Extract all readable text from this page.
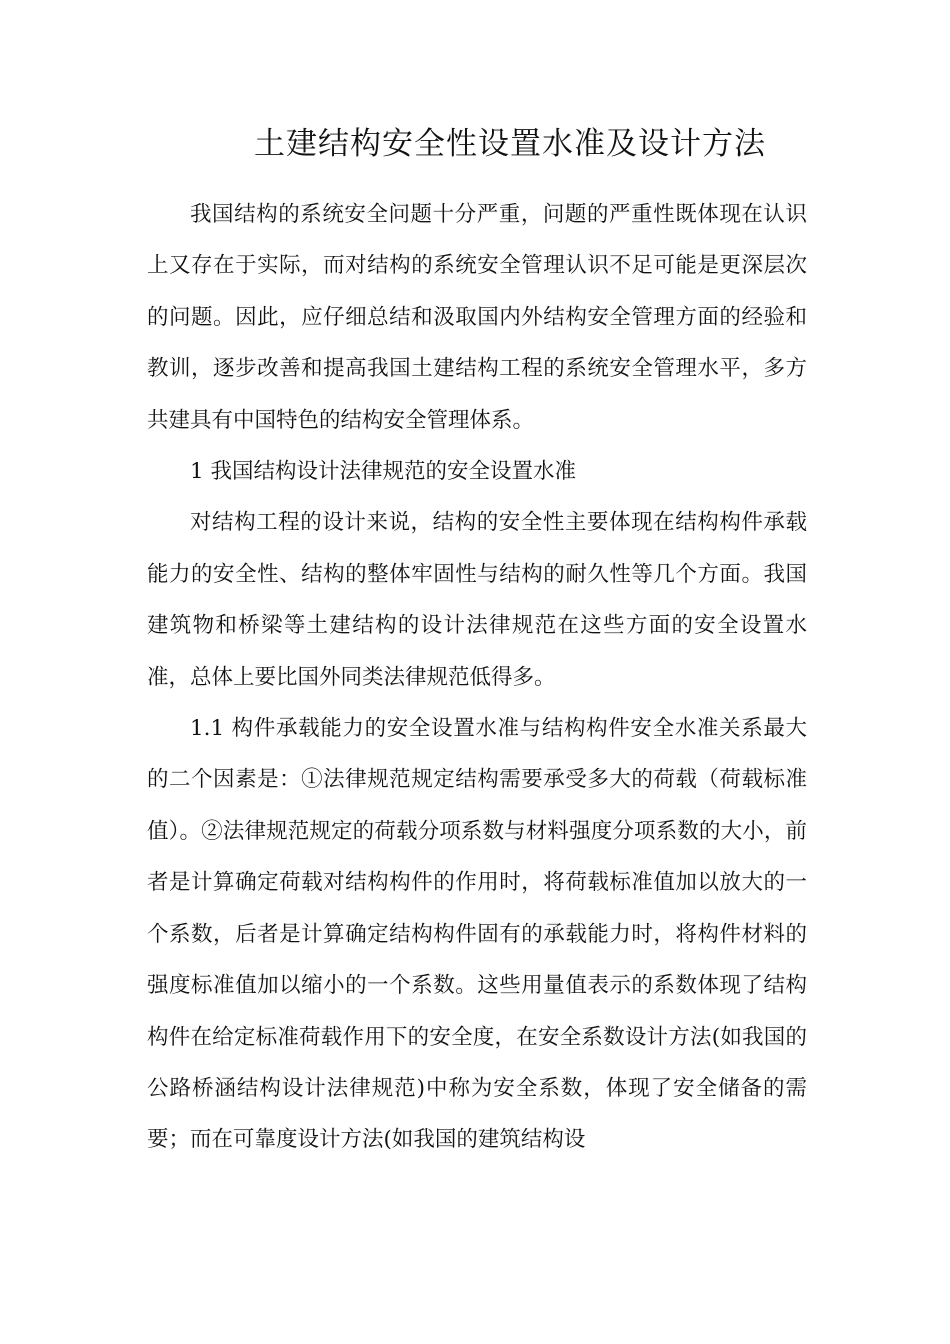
土建结构安全性设置水准及设计方法

我国结构的系统安全问题十分严重，问题的严重性既体现在认识上又存在于实际，而对结构的系统安全管理认识不足可能是更深层次的问题。因此，应仔细总结和汲取国内外结构安全管理方面的经验和教训，逐步改善和提高我国土建结构工程的系统安全管理水平，多方共建具有中国特色的结构安全管理体系。

1 我国结构设计法律规范的安全设置水准

对结构工程的设计来说，结构的安全性主要体现在结构构件承载能力的安全性、结构的整体牢固性与结构的耐久性等几个方面。我国建筑物和桥梁等土建结构的设计法律规范在这些方面的安全设置水准，总体上要比国外同类法律规范低得多。

1.1 构件承载能力的安全设置水准与结构构件安全水准关系最大的二个因素是：①法律规范规定结构需要承受多大的荷载（荷载标准值）。②法律规范规定的荷载分项系数与材料强度分项系数的大小，前者是计算确定荷载对结构构件的作用时，将荷载标准值加以放大的一个系数，后者是计算确定结构构件固有的承载能力时，将构件材料的强度标准值加以缩小的一个系数。这些用量值表示的系数体现了结构构件在给定标准荷载作用下的安全度，在安全系数设计方法(如我国的公路桥涵结构设计法律规范)中称为安全系数，体现了安全储备的需要；而在可靠度设计方法(如我国的建筑结构设
